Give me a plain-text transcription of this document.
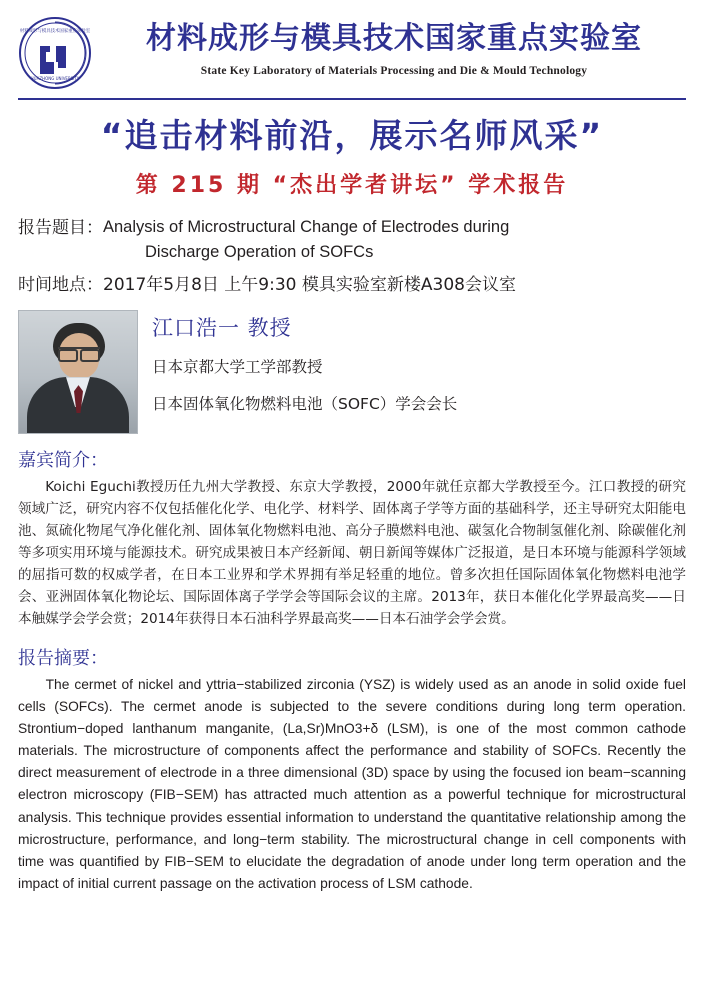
材料成形与模具技术国家重点实验室
HUAZHONG UNIVERSITY
材料成形与模具技术国家重点实验室
State Key Laboratory of Materials Processing and Die & Mould Technology
“追击材料前沿，展示名师风采”
第 215 期 “杰出学者讲坛” 学术报告
报告题目： Analysis of Microstructural Change of Electrodes during
Discharge Operation of SOFCs
时间地点： 2017年5月8日 上午9:30 模具实验室新楼A308会议室
江口浩一 教授
日本京都大学工学部教授
日本固体氧化物燃料电池（SOFC）学会会长
嘉宾简介：
Koichi Eguchi教授历任九州大学教授、东京大学教授，2000年就任京都大学教授至今。江口教授的研究领域广泛，研究内容不仅包括催化化学、电化学、材料学、固体离子学等方面的基础科学，还主导研究太阳能电池、氮硫化物尾气净化催化剂、固体氧化物燃料电池、高分子膜燃料电池、碳氢化合物制氢催化剂、除碳催化剂等多项实用环境与能源技术。研究成果被日本产经新闻、朝日新闻等媒体广泛报道，是日本环境与能源科学领域的屈指可数的权威学者，在日本工业界和学术界拥有举足轻重的地位。曾多次担任国际固体氧化物燃料电池学会、亚洲固体氧化物论坛、国际固体离子学学会等国际会议的主席。2013年，获日本催化化学界最高奖——日本触媒学会学会赏；2014年获得日本石油科学界最高奖——日本石油学会学会赏。
报告摘要：
The cermet of nickel and yttria−stabilized zirconia (YSZ) is widely used as an anode in solid oxide fuel cells (SOFCs). The cermet anode is subjected to the severe conditions during long term operation. Strontium−doped lanthanum manganite, (La,Sr)MnO3+δ (LSM), is one of the most common cathode materials. The microstructure of components affect the performance and stability of SOFCs. Recently the direct measurement of electrode in a three dimensional (3D) space by using the focused ion beam−scanning electron microscopy (FIB−SEM) has attracted much attention as a powerful technique for microstructural analysis. This technique provides essential information to understand the quantitative relationship among the microstructure, performance, and long−term stability. The microstructural change in cell components with time was quantified by FIB−SEM to elucidate the degradation of anode under long term operation and the impact of initial current passage on the activation process of LSM cathode.
